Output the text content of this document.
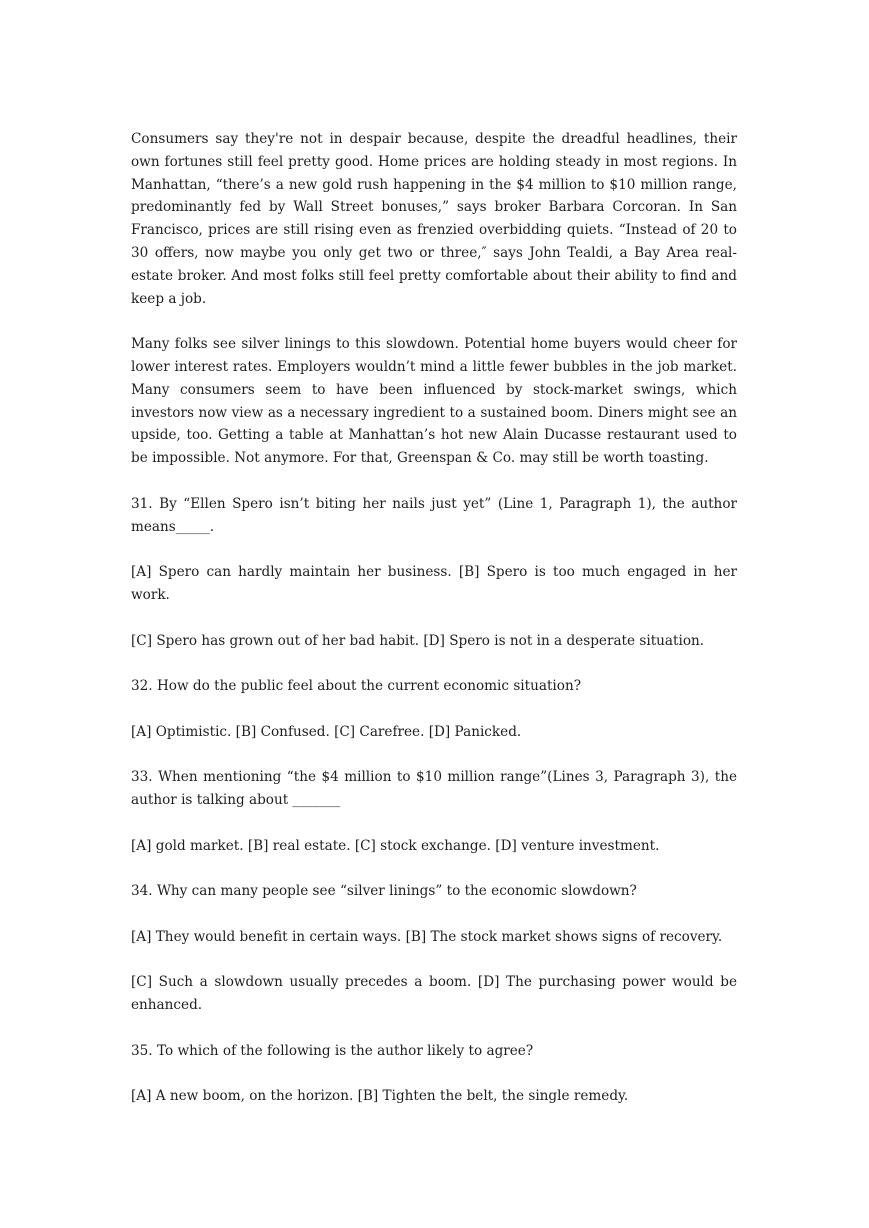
Consumers say they're not in despair because, despite the dreadful headlines, their own fortunes still feel pretty good. Home prices are holding steady in most regions. In Manhattan, “there’s a new gold rush happening in the $4 million to $10 million range, predominantly fed by Wall Street bonuses,” says broker Barbara Corcoran. In San Francisco, prices are still rising even as frenzied overbidding quiets. “Instead of 20 to 30 offers, now maybe you only get two or three,″ says John Tealdi, a Bay Area real-estate broker. And most folks still feel pretty comfortable about their ability to find and keep a job.

Many folks see silver linings to this slowdown. Potential home buyers would cheer for lower interest rates. Employers wouldn’t mind a little fewer bubbles in the job market. Many consumers seem to have been influenced by stock-market swings, which investors now view as a necessary ingredient to a sustained boom. Diners might see an upside, too. Getting a table at Manhattan’s hot new Alain Ducasse restaurant used to be impossible. Not anymore. For that, Greenspan & Co. may still be worth toasting.

31. By “Ellen Spero isn’t biting her nails just yet” (Line 1, Paragraph 1), the author means_____.

[A] Spero can hardly maintain her business. [B] Spero is too much engaged in her work.

[C] Spero has grown out of her bad habit. [D] Spero is not in a desperate situation.

32. How do the public feel about the current economic situation?

[A] Optimistic. [B] Confused. [C] Carefree. [D] Panicked.

33. When mentioning “the $4 million to $10 million range”(Lines 3, Paragraph 3), the author is talking about _______

[A] gold market. [B] real estate. [C] stock exchange. [D] venture investment.

34. Why can many people see “silver linings” to the economic slowdown?

[A] They would benefit in certain ways. [B] The stock market shows signs of recovery.

[C] Such a slowdown usually precedes a boom. [D] The purchasing power would be enhanced.

35. To which of the following is the author likely to agree?

[A] A new boom, on the horizon. [B] Tighten the belt, the single remedy.
